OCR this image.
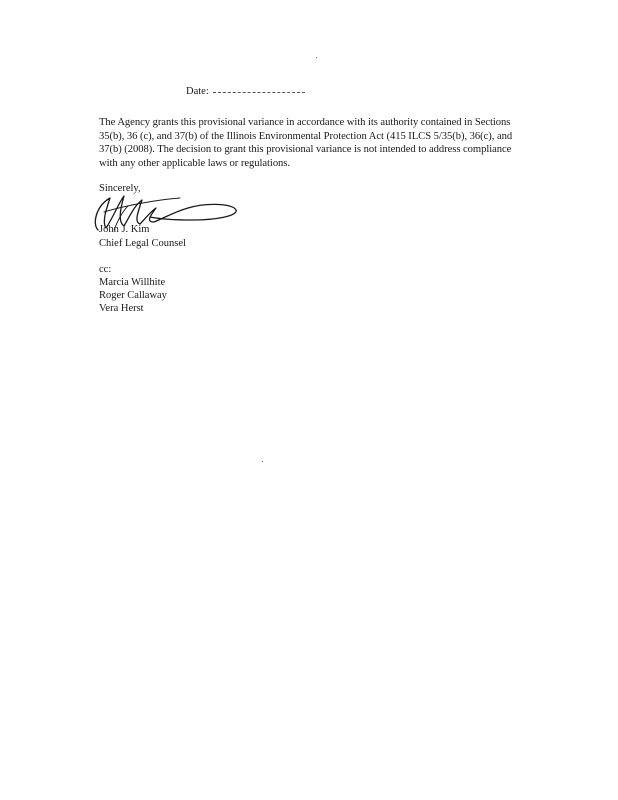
Date:
The Agency grants this provisional variance in accordance with its authority contained in Sections 35(b), 36 (c), and 37(b) of the Illinois Environmental Protection Act (415 ILCS 5/35(b), 36(c), and 37(b) (2008). The decision to grant this provisional variance is not intended to address compliance with any other applicable laws or regulations.
Sincerely,
John J. Kim
Chief Legal Counsel
cc:
Marcia Willhite
Roger Callaway
Vera Herst
